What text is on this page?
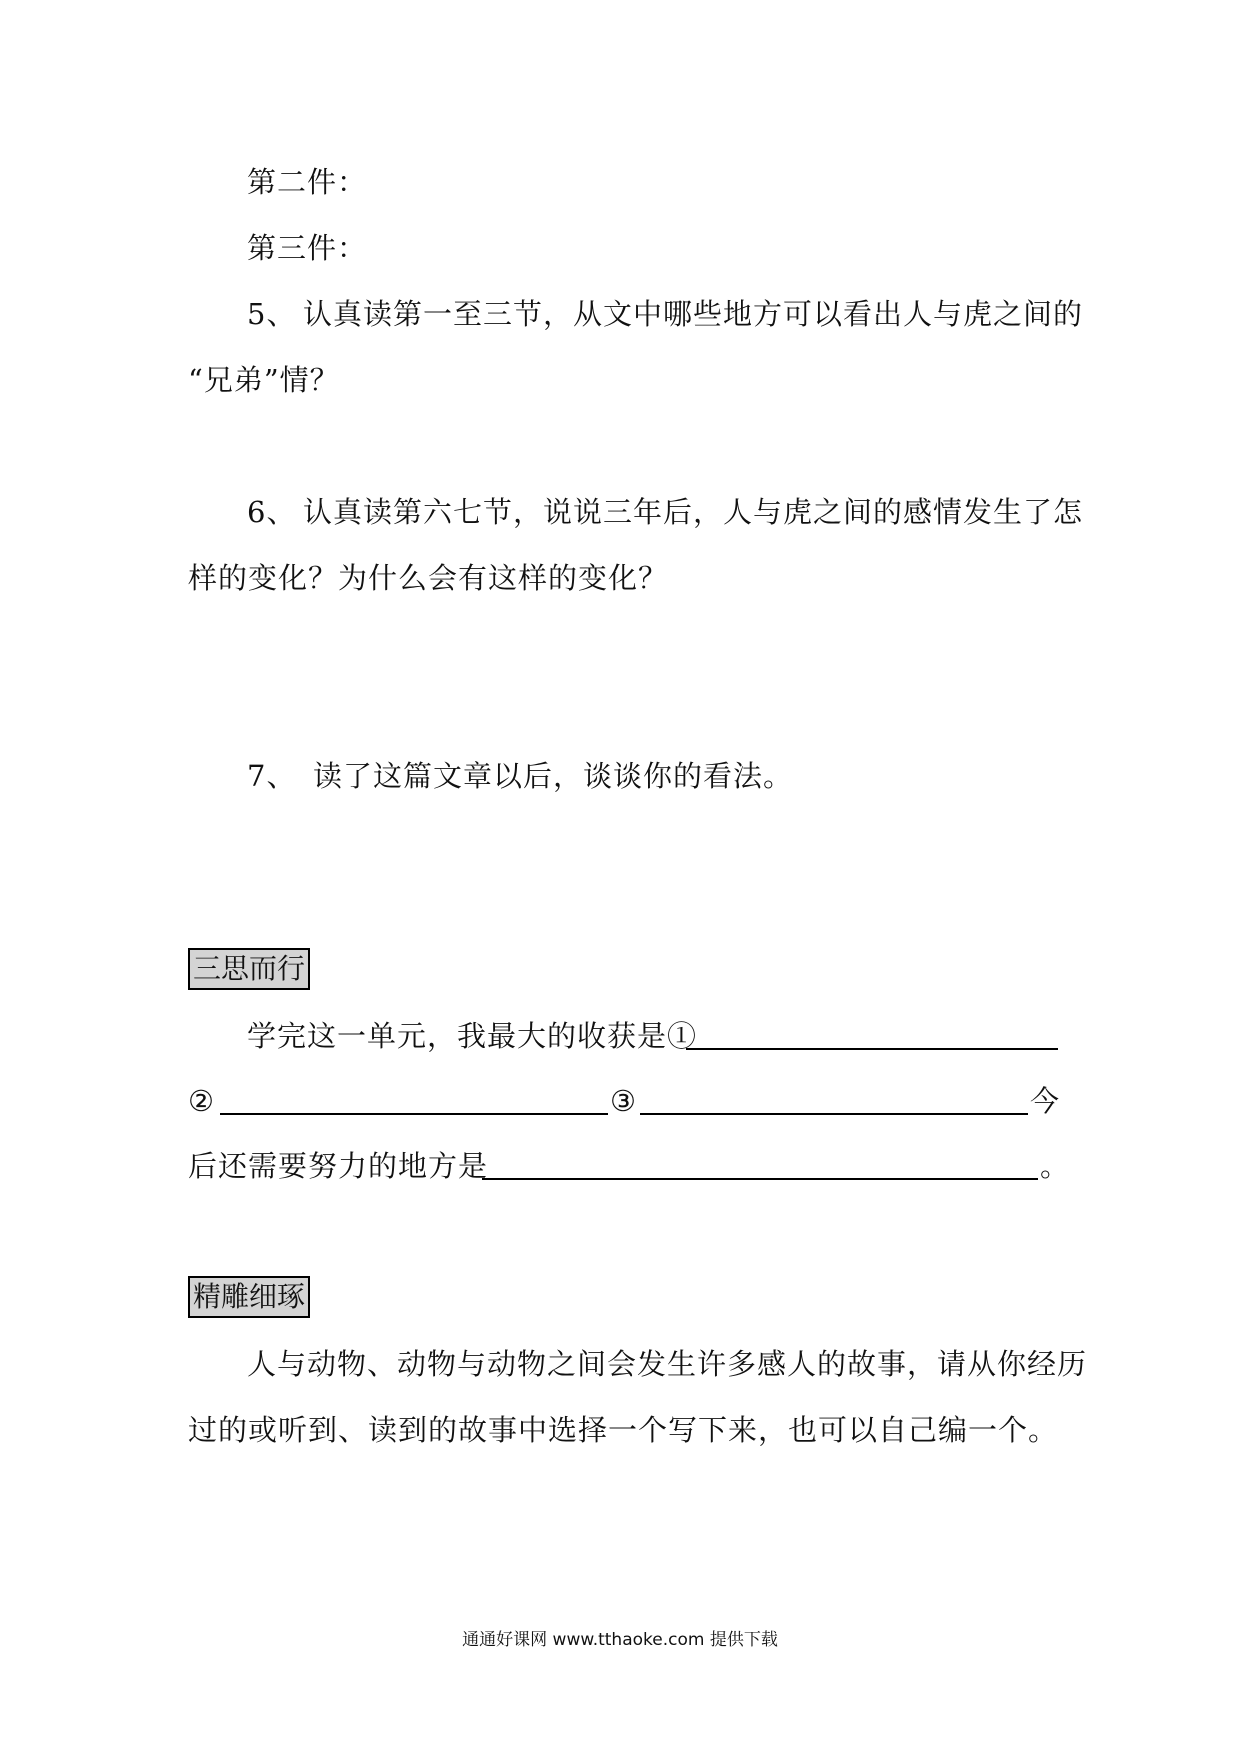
第二件：
第三件：
5、 认真读第一至三节，从文中哪些地方可以看出人与虎之间的
“兄弟”情？
6、 认真读第六七节，说说三年后，人与虎之间的感情发生了怎
样的变化？为什么会有这样的变化？
7、 读了这篇文章以后，谈谈你的看法。
三思而行
学完这一单元，我最大的收获是①
②	③	今
后还需要努力的地方是	。
精雕细琢
人与动物、动物与动物之间会发生许多感人的故事，请从你经历
过的或听到、读到的故事中选择一个写下来，也可以自己编一个。
通通好课网 www.tthaoke.com 提供下载
